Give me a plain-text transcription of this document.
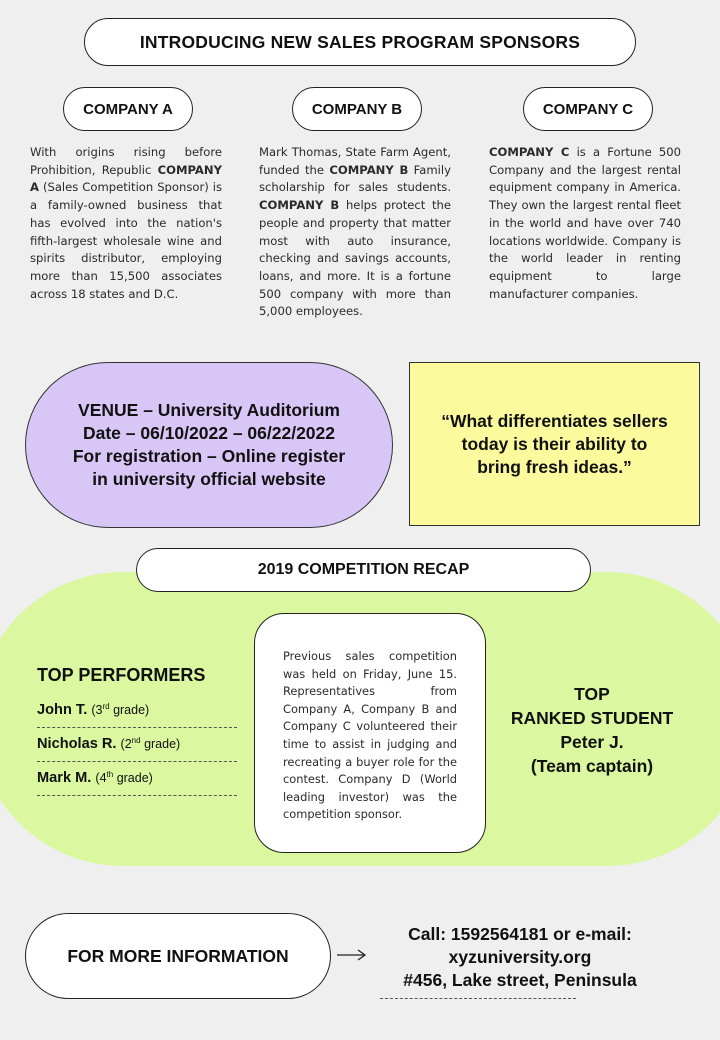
INTRODUCING NEW SALES PROGRAM SPONSORS
COMPANY A	COMPANY B	COMPANY C
With origins rising before Prohibition, Republic COMPANY A (Sales Competition Sponsor) is a family-owned business that has evolved into the nation's fifth-largest wholesale wine and spirits distributor, employing more than 15,500 associates across 18 states and D.C.
Mark Thomas, State Farm Agent, funded the COMPANY B Family scholarship for sales students. COMPANY B helps protect the people and property that matter most with auto insurance, checking and savings accounts, loans, and more. It is a fortune 500 company with more than 5,000 employees.
COMPANY C is a Fortune 500 Company and the largest rental equipment company in America. They own the largest rental fleet in the world and have over 740 locations worldwide. Company is the world leader in renting equipment to large manufacturer companies.
VENUE – University Auditorium
Date – 06/10/2022 – 06/22/2022
For registration – Online register
in university official website
“What differentiates sellers today is their ability to bring fresh ideas.”
2019 COMPETITION RECAP
TOP PERFORMERS
John T. (3rd grade)
Nicholas R. (2nd grade)
Mark M. (4th grade)
Previous sales competition was held on Friday, June 15. Representatives from Company A, Company B and Company C volunteered their time to assist in judging and recreating a buyer role for the contest. Company D (World leading investor) was the competition sponsor.
TOP
RANKED STUDENT
Peter J.
(Team captain)
FOR MORE INFORMATION
Call: 1592564181 or e-mail:
xyzuniversity.org
#456, Lake street, Peninsula
